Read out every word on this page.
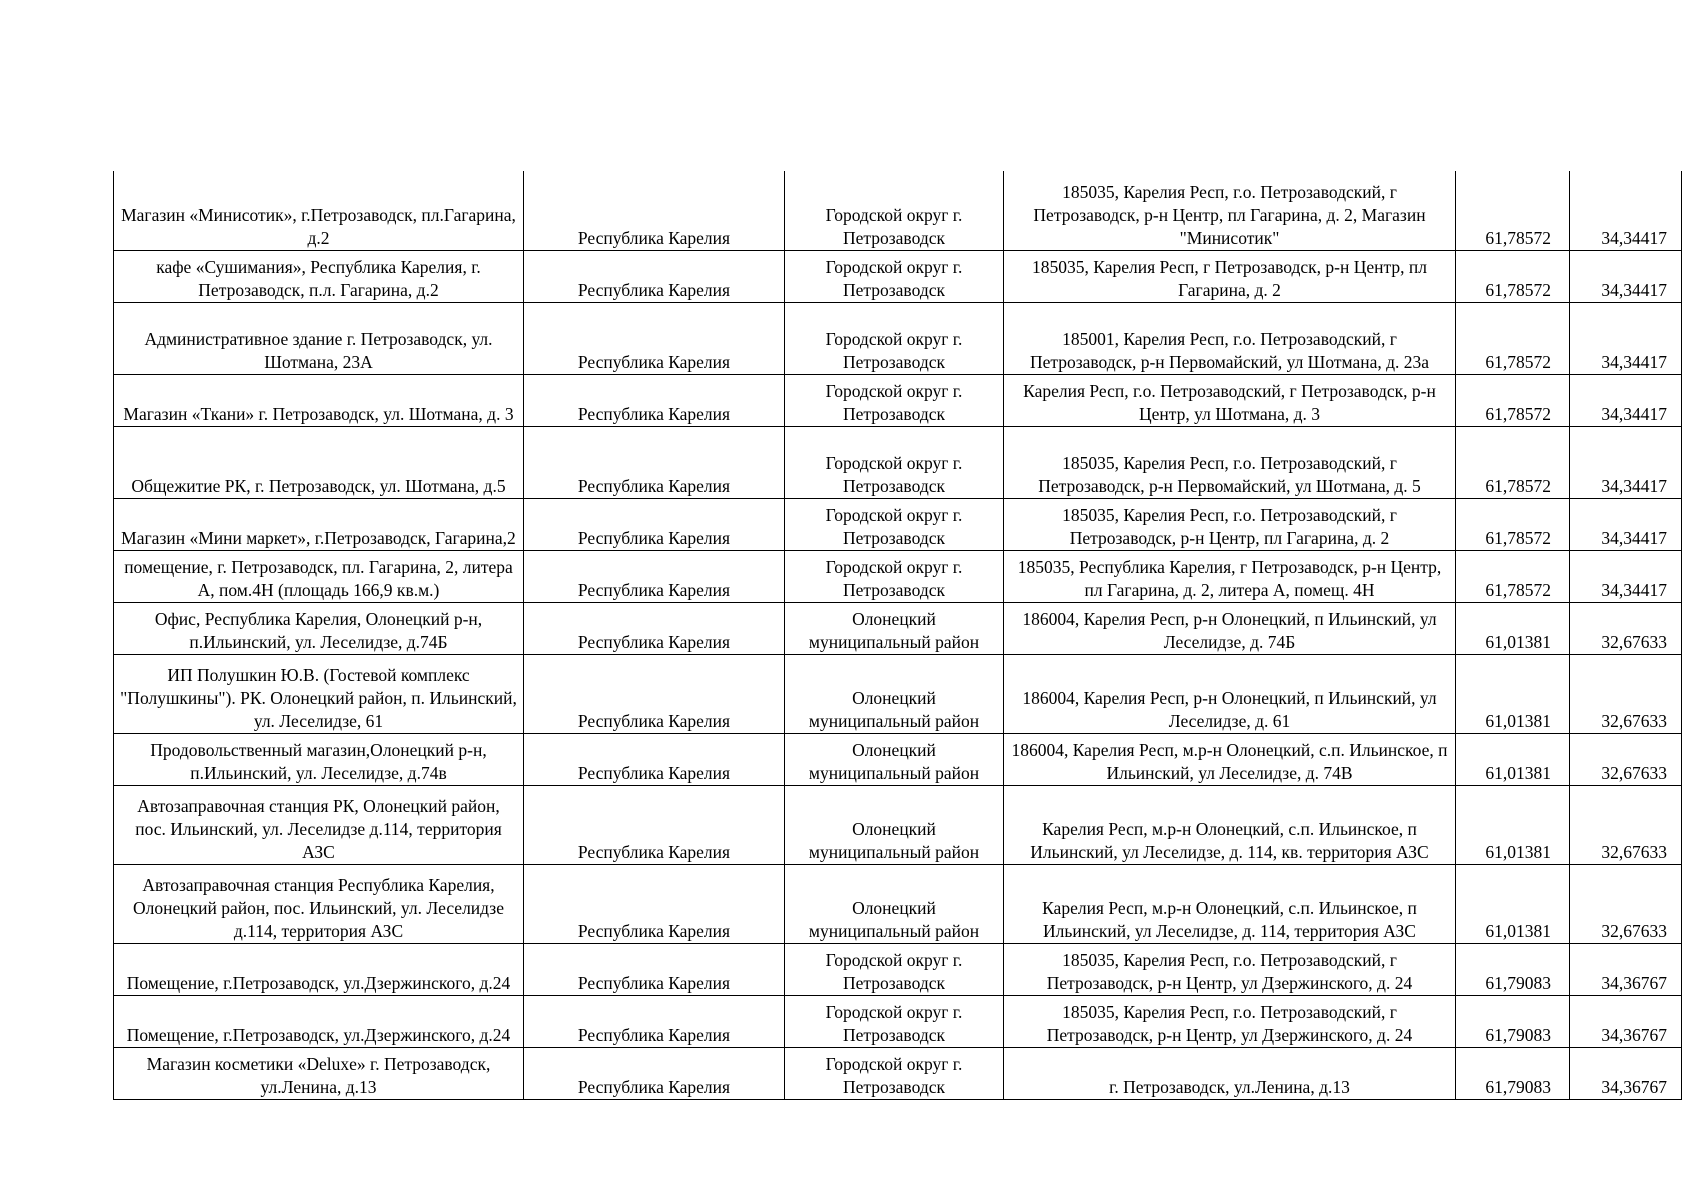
Магазин «Минисотик», г.Петрозаводск, пл.Гагарина, д.2	Республика Карелия	Городской округ г. Петрозаводск	185035, Карелия Респ, г.о. Петрозаводский, г Петрозаводск, р-н Центр, пл Гагарина, д. 2, Магазин "Минисотик"	61,78572	34,34417
кафе «Сушимания», Республика Карелия, г. Петрозаводск, п.л. Гагарина, д.2	Республика Карелия	Городской округ г. Петрозаводск	185035, Карелия Респ, г Петрозаводск, р-н Центр, пл Гагарина, д. 2	61,78572	34,34417
Административное здание г. Петрозаводск, ул. Шотмана, 23А	Республика Карелия	Городской округ г. Петрозаводск	185001, Карелия Респ, г.о. Петрозаводский, г Петрозаводск, р-н Первомайский, ул Шотмана, д. 23а	61,78572	34,34417
Магазин «Ткани» г. Петрозаводск, ул. Шотмана, д. 3	Республика Карелия	Городской округ г. Петрозаводск	Карелия Респ, г.о. Петрозаводский, г Петрозаводск, р-н Центр, ул Шотмана, д. 3	61,78572	34,34417
Общежитие РК, г. Петрозаводск, ул. Шотмана, д.5	Республика Карелия	Городской округ г. Петрозаводск	185035, Карелия Респ, г.о. Петрозаводский, г Петрозаводск, р-н Первомайский, ул Шотмана, д. 5	61,78572	34,34417
Магазин «Мини маркет», г.Петрозаводск, Гагарина,2	Республика Карелия	Городской округ г. Петрозаводск	185035, Карелия Респ, г.о. Петрозаводский, г Петрозаводск, р-н Центр, пл Гагарина, д. 2	61,78572	34,34417
помещение, г. Петрозаводск, пл. Гагарина, 2, литера А, пом.4Н (площадь 166,9 кв.м.)	Республика Карелия	Городской округ г. Петрозаводск	185035, Республика Карелия, г Петрозаводск, р-н Центр, пл Гагарина, д. 2, литера А, помещ. 4Н	61,78572	34,34417
Офис, Республика Карелия, Олонецкий р-н, п.Ильинский, ул. Леселидзе, д.74Б	Республика Карелия	Олонецкий муниципальный район	186004, Карелия Респ, р-н Олонецкий, п Ильинский, ул Леселидзе, д. 74Б	61,01381	32,67633
ИП Полушкин Ю.В. (Гостевой комплекс "Полушкины"). РК. Олонецкий район, п. Ильинский, ул. Леселидзе, 61	Республика Карелия	Олонецкий муниципальный район	186004, Карелия Респ, р-н Олонецкий, п Ильинский, ул Леселидзе, д. 61	61,01381	32,67633
Продовольственный магазин,Олонецкий р-н, п.Ильинский, ул. Леселидзе, д.74в	Республика Карелия	Олонецкий муниципальный район	186004, Карелия Респ, м.р-н Олонецкий, с.п. Ильинское, п Ильинский, ул Леселидзе, д. 74В	61,01381	32,67633
Автозаправочная станция РК, Олонецкий район, пос. Ильинский, ул. Леселидзе д.114, территория АЗС	Республика Карелия	Олонецкий муниципальный район	Карелия Респ, м.р-н Олонецкий, с.п. Ильинское, п Ильинский, ул Леселидзе, д. 114, кв. территория АЗС	61,01381	32,67633
Автозаправочная станция Республика Карелия, Олонецкий район, пос. Ильинский, ул. Леселидзе д.114, территория АЗС	Республика Карелия	Олонецкий муниципальный район	Карелия Респ, м.р-н Олонецкий, с.п. Ильинское, п Ильинский, ул Леселидзе, д. 114, территория АЗС	61,01381	32,67633
Помещение, г.Петрозаводск, ул.Дзержинского, д.24	Республика Карелия	Городской округ г. Петрозаводск	185035, Карелия Респ, г.о. Петрозаводский, г Петрозаводск, р-н Центр, ул Дзержинского, д. 24	61,79083	34,36767
Помещение, г.Петрозаводск, ул.Дзержинского, д.24	Республика Карелия	Городской округ г. Петрозаводск	185035, Карелия Респ, г.о. Петрозаводский, г Петрозаводск, р-н Центр, ул Дзержинского, д. 24	61,79083	34,36767
Магазин косметики «Deluxe» г. Петрозаводск, ул.Ленина, д.13	Республика Карелия	Городской округ г. Петрозаводск	г. Петрозаводск, ул.Ленина, д.13	61,79083	34,36767
